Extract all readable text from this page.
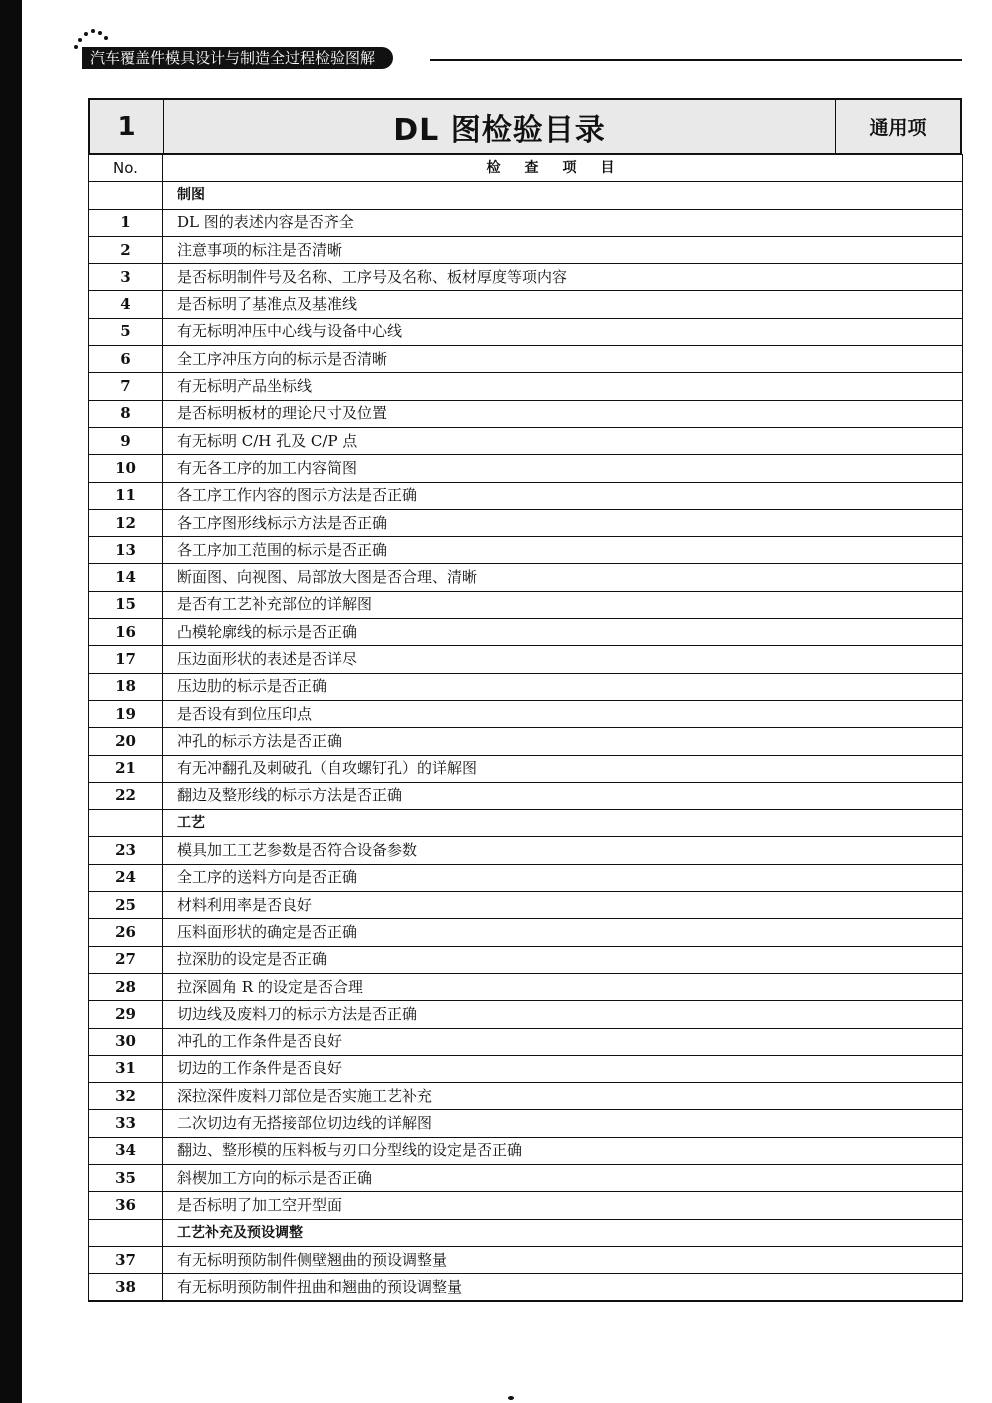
汽车覆盖件模具设计与制造全过程检验图解
1	DL 图检验目录	通用项
No.	检查项目
	制图
1	DL 图的表述内容是否齐全
2	注意事项的标注是否清晰
3	是否标明制件号及名称、工序号及名称、板材厚度等项内容
4	是否标明了基准点及基准线
5	有无标明冲压中心线与设备中心线
6	全工序冲压方向的标示是否清晰
7	有无标明产品坐标线
8	是否标明板材的理论尺寸及位置
9	有无标明 C/H 孔及 C/P 点
10	有无各工序的加工内容简图
11	各工序工作内容的图示方法是否正确
12	各工序图形线标示方法是否正确
13	各工序加工范围的标示是否正确
14	断面图、向视图、局部放大图是否合理、清晰
15	是否有工艺补充部位的详解图
16	凸模轮廓线的标示是否正确
17	压边面形状的表述是否详尽
18	压边肋的标示是否正确
19	是否设有到位压印点
20	冲孔的标示方法是否正确
21	有无冲翻孔及刺破孔（自攻螺钉孔）的详解图
22	翻边及整形线的标示方法是否正确
	工艺
23	模具加工工艺参数是否符合设备参数
24	全工序的送料方向是否正确
25	材料利用率是否良好
26	压料面形状的确定是否正确
27	拉深肋的设定是否正确
28	拉深圆角 R 的设定是否合理
29	切边线及废料刀的标示方法是否正确
30	冲孔的工作条件是否良好
31	切边的工作条件是否良好
32	深拉深件废料刀部位是否实施工艺补充
33	二次切边有无搭接部位切边线的详解图
34	翻边、整形模的压料板与刃口分型线的设定是否正确
35	斜楔加工方向的标示是否正确
36	是否标明了加工空开型面
	工艺补充及预设调整
37	有无标明预防制件侧壁翘曲的预设调整量
38	有无标明预防制件扭曲和翘曲的预设调整量
